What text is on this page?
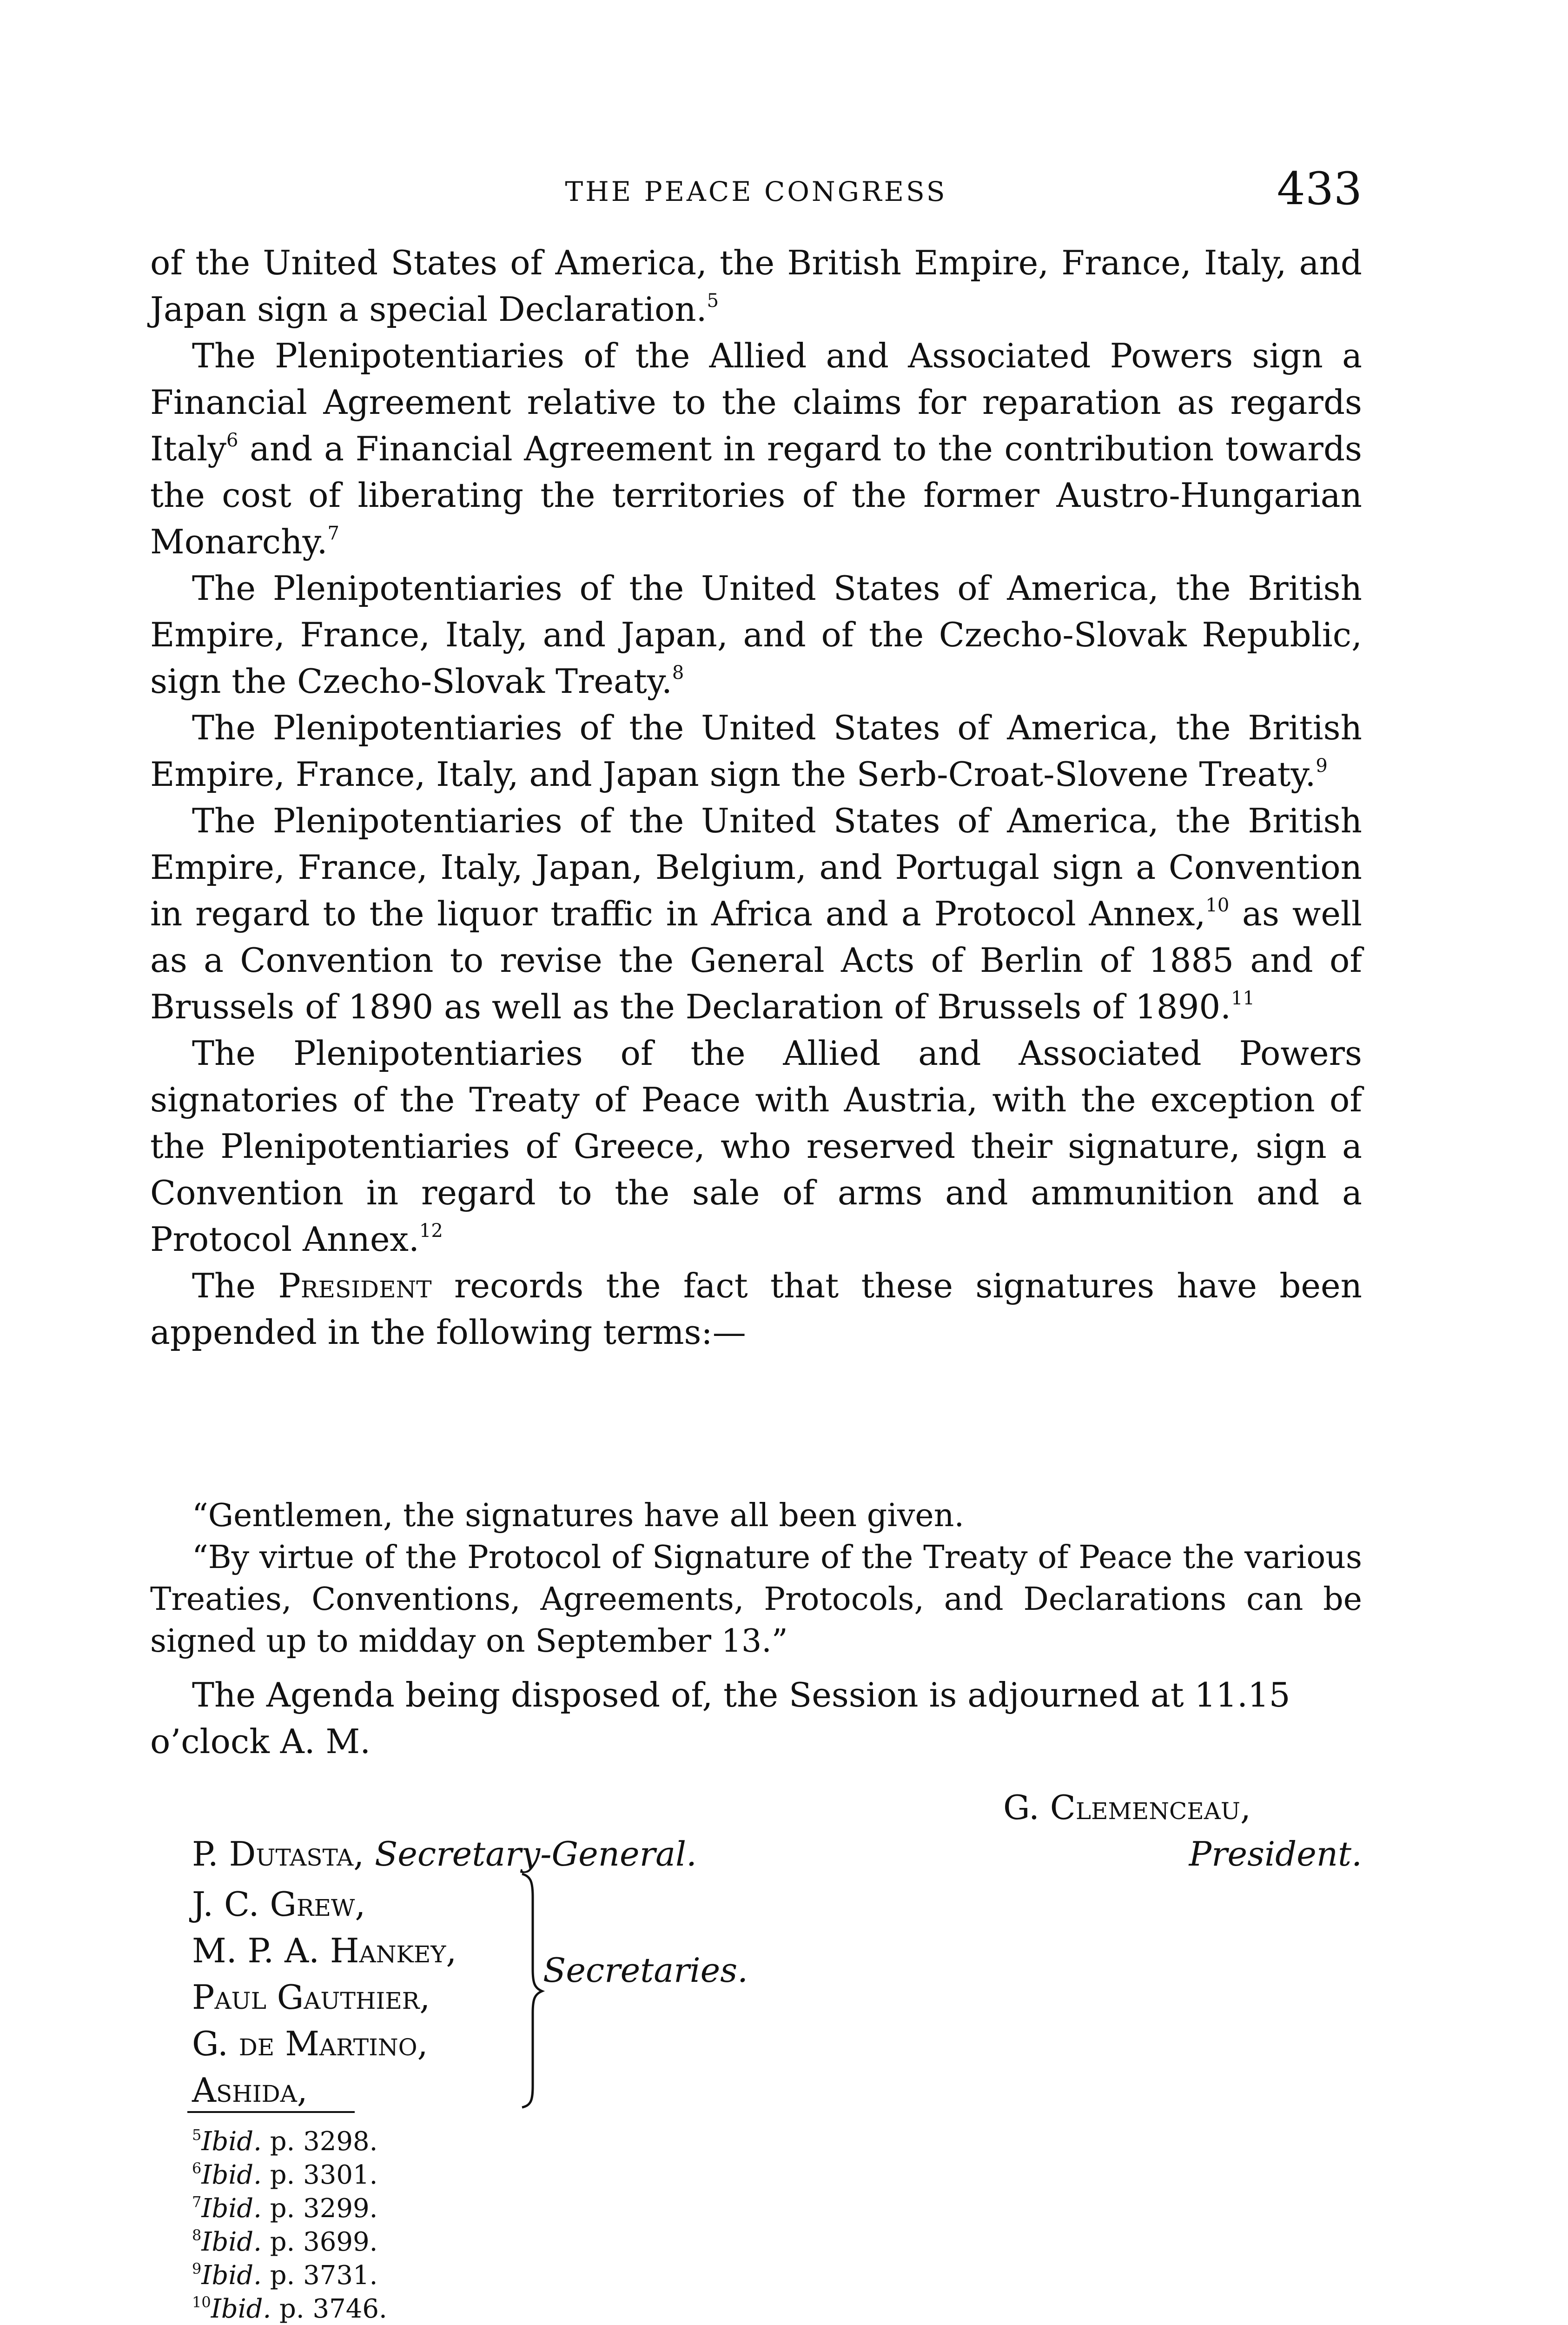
THE PEACE CONGRESS	433

of the United States of America, the British Empire, France, Italy, and Japan sign a special Declaration.$^5$

The Plenipotentiaries of the Allied and Associated Powers sign a Financial Agreement relative to the claims for reparation as regards Italy$^6$ and a Financial Agreement in regard to the contribution towards the cost of liberating the territories of the former Austro-Hungarian Monarchy.$^7$

The Plenipotentiaries of the United States of America, the British Empire, France, Italy, and Japan, and of the Czecho-Slovak Republic, sign the Czecho-Slovak Treaty.$^8$

The Plenipotentiaries of the United States of America, the British Empire, France, Italy, and Japan sign the Serb-Croat-Slovene Treaty.$^9$

The Plenipotentiaries of the United States of America, the British Empire, France, Italy, Japan, Belgium, and Portugal sign a Convention in regard to the liquor traffic in Africa and a Protocol Annex,$^{10}$ as well as a Convention to revise the General Acts of Berlin of 1885 and of Brussels of 1890 as well as the Declaration of Brussels of 1890.11

The Plenipotentiaries of the Allied and Associated Powers signatories of the Treaty of Peace with Austria, with the exception of the Plenipotentiaries of Greece, who reserved their signature, sign a Convention in regard to the sale of arms and ammunition and a Protocol Annex.$^{12}$

The President records the fact that these signatures have been appended in the following terms:—

“Gentlemen, the signatures have all been given.

“By virtue of the Protocol of Signature of the Treaty of Peace the various Treaties, Conventions, Agreements, Protocols, and Declarations can be signed up to midday on September 13.”

The Agenda being disposed of, the Session is adjourned at 11.15 o’clock A. M.

G. Clemenceau,
President.
P. Dutasta, Secretary-General.
J. C. Grew,
M. P. A. Hankey,
Paul Gauthier,
G. de Martino,
Ashida,
Secretaries.
$^5$Ibid. p. 3298.
$^6$Ibid. p. 3301.
$^7$Ibid. p. 3299.
$^8$Ibid. p. 3699.
$^9$Ibid. p. 3731.
$^{10}$Ibid. p. 3746.
